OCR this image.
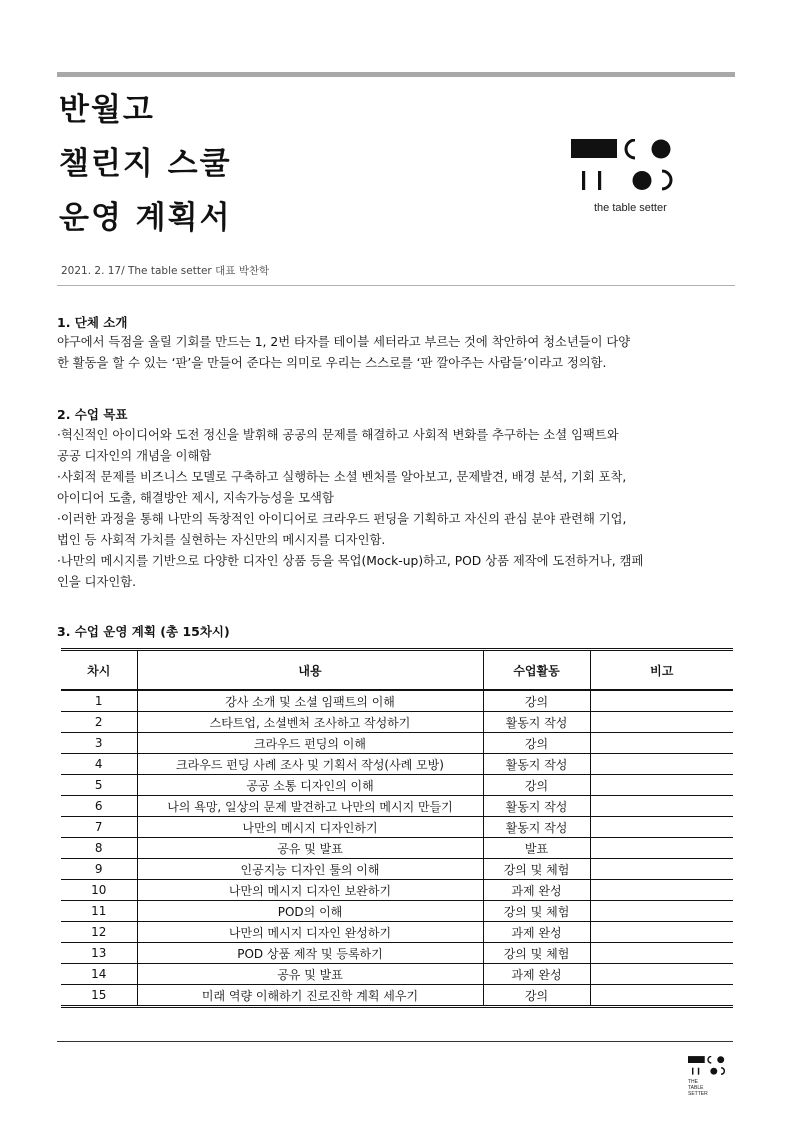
반월고
챌린지 스쿨
운영 계획서	the table setter
2021. 2. 17/ The table setter 대표 박찬학
1. 단체 소개
야구에서 득점을 올릴 기회를 만드는 1, 2번 타자를 테이블 세터라고 부르는 것에 착안하여 청소년들이 다양
한 활동을 할 수 있는 ‘판’을 만들어 준다는 의미로 우리는 스스로를 ‘판 깔아주는 사람들’이라고 정의함.
2. 수업 목표
·혁신적인 아이디어와 도전 정신을 발휘해 공공의 문제를 해결하고 사회적 변화를 추구하는 소셜 임팩트와
공공 디자인의 개념을 이해함
·사회적 문제를 비즈니스 모델로 구축하고 실행하는 소셜 벤처를 알아보고, 문제발견, 배경 분석, 기회 포착,
아이디어 도출, 해결방안 제시, 지속가능성을 모색함
·이러한 과정을 통해 나만의 독창적인 아이디어로 크라우드 펀딩을 기획하고 자신의 관심 분야 관련해 기업,
법인 등 사회적 가치를 실현하는 자신만의 메시지를 디자인함.
·나만의 메시지를 기반으로 다양한 디자인 상품 등을 목업(Mock-up)하고, POD 상품 제작에 도전하거나, 캠페
인을 디자인함.
3. 수업 운영 계획 (총 15차시)
차시	내용	수업활동	비고
1	강사 소개 및 소셜 임팩트의 이해	강의	
2	스타트업, 소셜벤처 조사하고 작성하기	활동지 작성	
3	크라우드 펀딩의 이해	강의	
4	크라우드 펀딩 사례 조사 및 기획서 작성(사례 모방)	활동지 작성	
5	공공 소통 디자인의 이해	강의	
6	나의 욕망, 일상의 문제 발견하고 나만의 메시지 만들기	활동지 작성	
7	나만의 메시지 디자인하기	활동지 작성	
8	공유 및 발표	발표	
9	인공지능 디자인 툴의 이해	강의 및 체험	
10	나만의 메시지 디자인 보완하기	과제 완성	
11	POD의 이해	강의 및 체험	
12	나만의 메시지 디자인 완성하기	과제 완성	
13	POD 상품 제작 및 등록하기	강의 및 체험	
14	공유 및 발표	과제 완성	
15	미래 역량 이해하기 진로진학 계획 세우기	강의	
THE
TABLE
SETTER
